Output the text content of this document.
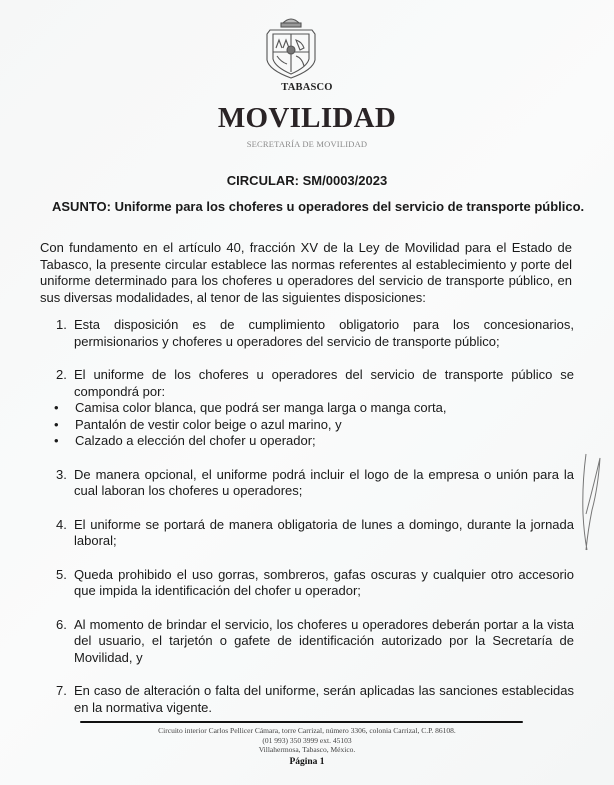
TABASCO
MOVILIDAD
SECRETARÍA DE MOVILIDAD
CIRCULAR: SM/0003/2023
ASUNTO: Uniforme para los choferes u operadores del servicio de transporte público.
Con fundamento en el artículo 40, fracción XV de la Ley de Movilidad para el Estado de Tabasco, la presente circular establece las normas referentes al establecimiento y porte del uniforme determinado para los choferes u operadores del servicio de transporte público, en sus diversas modalidades, al tenor de las siguientes disposiciones:
1. Esta disposición es de cumplimiento obligatorio para los concesionarios, permisionarios y choferes u operadores del servicio de transporte público;
2. El uniforme de los choferes u operadores del servicio de transporte público se compondrá por:
• Camisa color blanca, que podrá ser manga larga o manga corta,
• Pantalón de vestir color beige o azul marino, y
• Calzado a elección del chofer u operador;
3. De manera opcional, el uniforme podrá incluir el logo de la empresa o unión para la cual laboran los choferes u operadores;
4. El uniforme se portará de manera obligatoria de lunes a domingo, durante la jornada laboral;
5. Queda prohibido el uso gorras, sombreros, gafas oscuras y cualquier otro accesorio que impida la identificación del chofer u operador;
6. Al momento de brindar el servicio, los choferes u operadores deberán portar a la vista del usuario, el tarjetón o gafete de identificación autorizado por la Secretaría de Movilidad, y
7. En caso de alteración o falta del uniforme, serán aplicadas las sanciones establecidas en la normativa vigente.
Circuito interior Carlos Pellicer Cámara, torre Carrizal, número 3306, colonia Carrizal, C.P. 86108.
(01 993) 350 3999 ext. 45103
Villahermosa, Tabasco, México.
Página 1
